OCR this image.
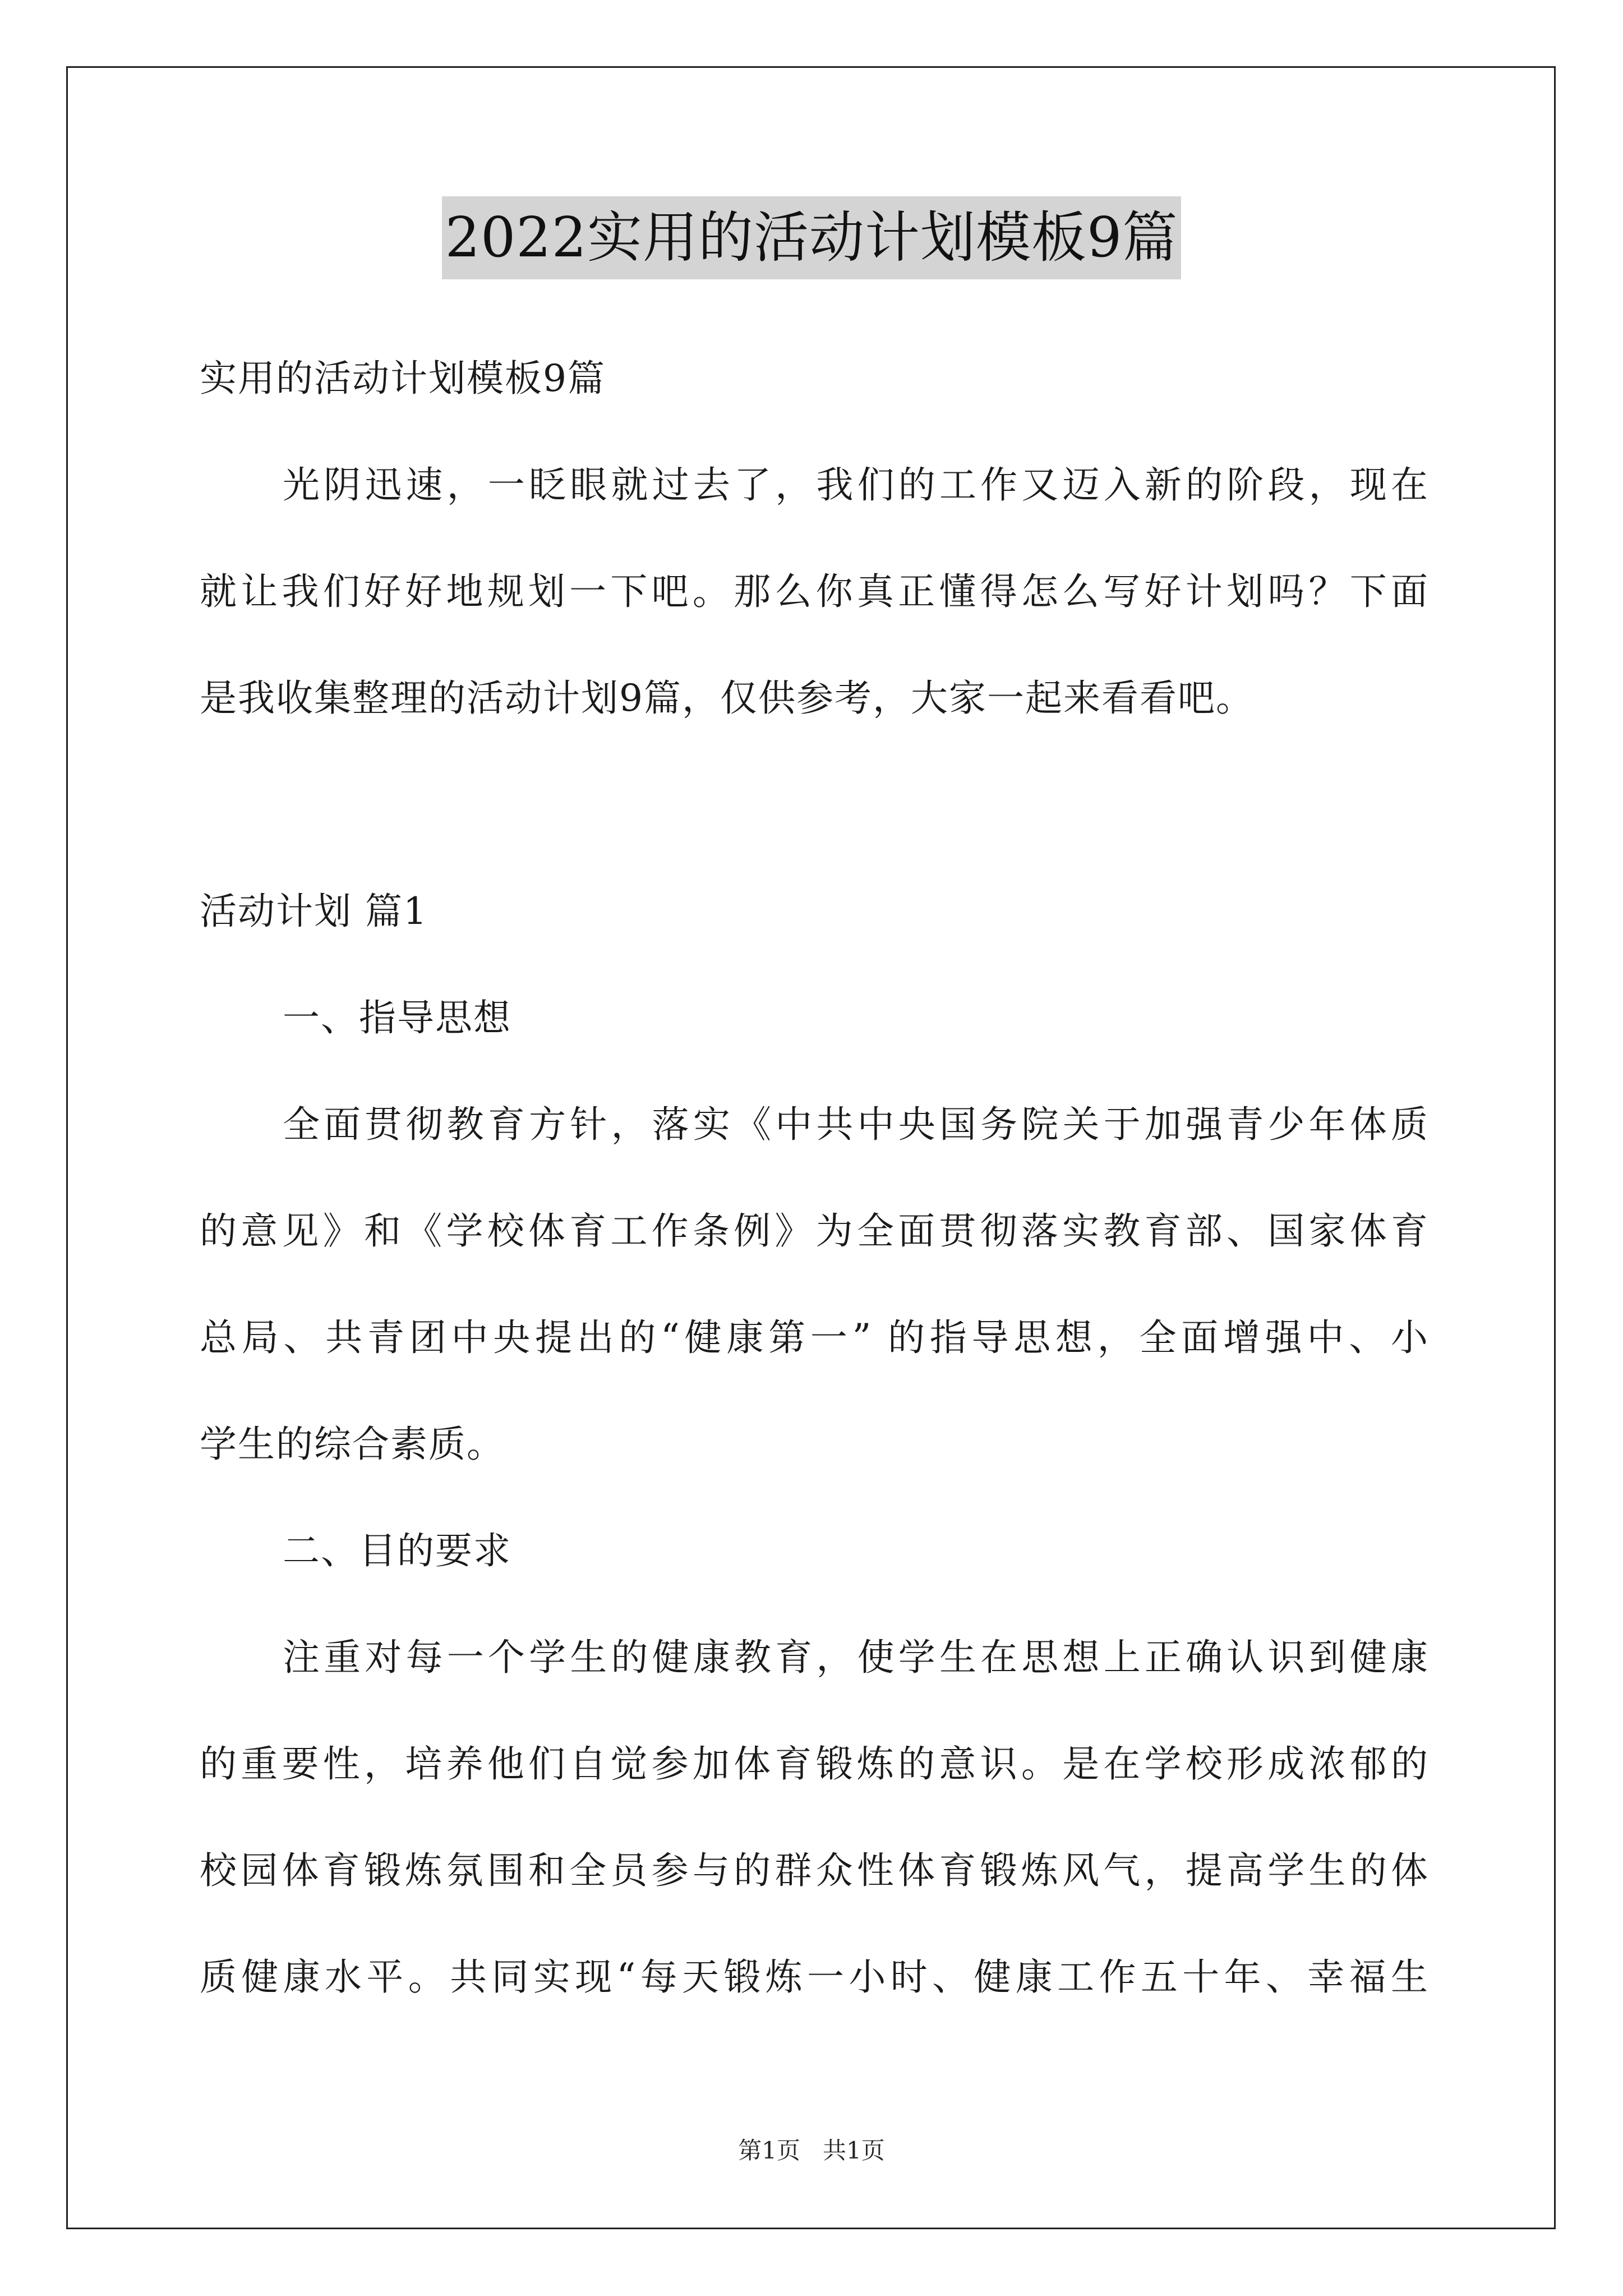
2022实用的活动计划模板9篇
实用的活动计划模板9篇
光阴迅速，一眨眼就过去了，我们的工作又迈入新的阶段，现在
就让我们好好地规划一下吧。那么你真正懂得怎么写好计划吗？下面
是我收集整理的活动计划9篇，仅供参考，大家一起来看看吧。
活动计划 篇1
一、指导思想
全面贯彻教育方针，落实《中共中央国务院关于加强青少年体质
的意见》和《学校体育工作条例》为全面贯彻落实教育部、国家体育
总局、共青团中央提出的“健康第一” 的指导思想，全面增强中、小
学生的综合素质。
二、目的要求
注重对每一个学生的健康教育，使学生在思想上正确认识到健康
的重要性，培养他们自觉参加体育锻炼的意识。是在学校形成浓郁的
校园体育锻炼氛围和全员参与的群众性体育锻炼风气，提高学生的体
质健康水平。共同实现“每天锻炼一小时、健康工作五十年、幸福生
第1页 共1页
